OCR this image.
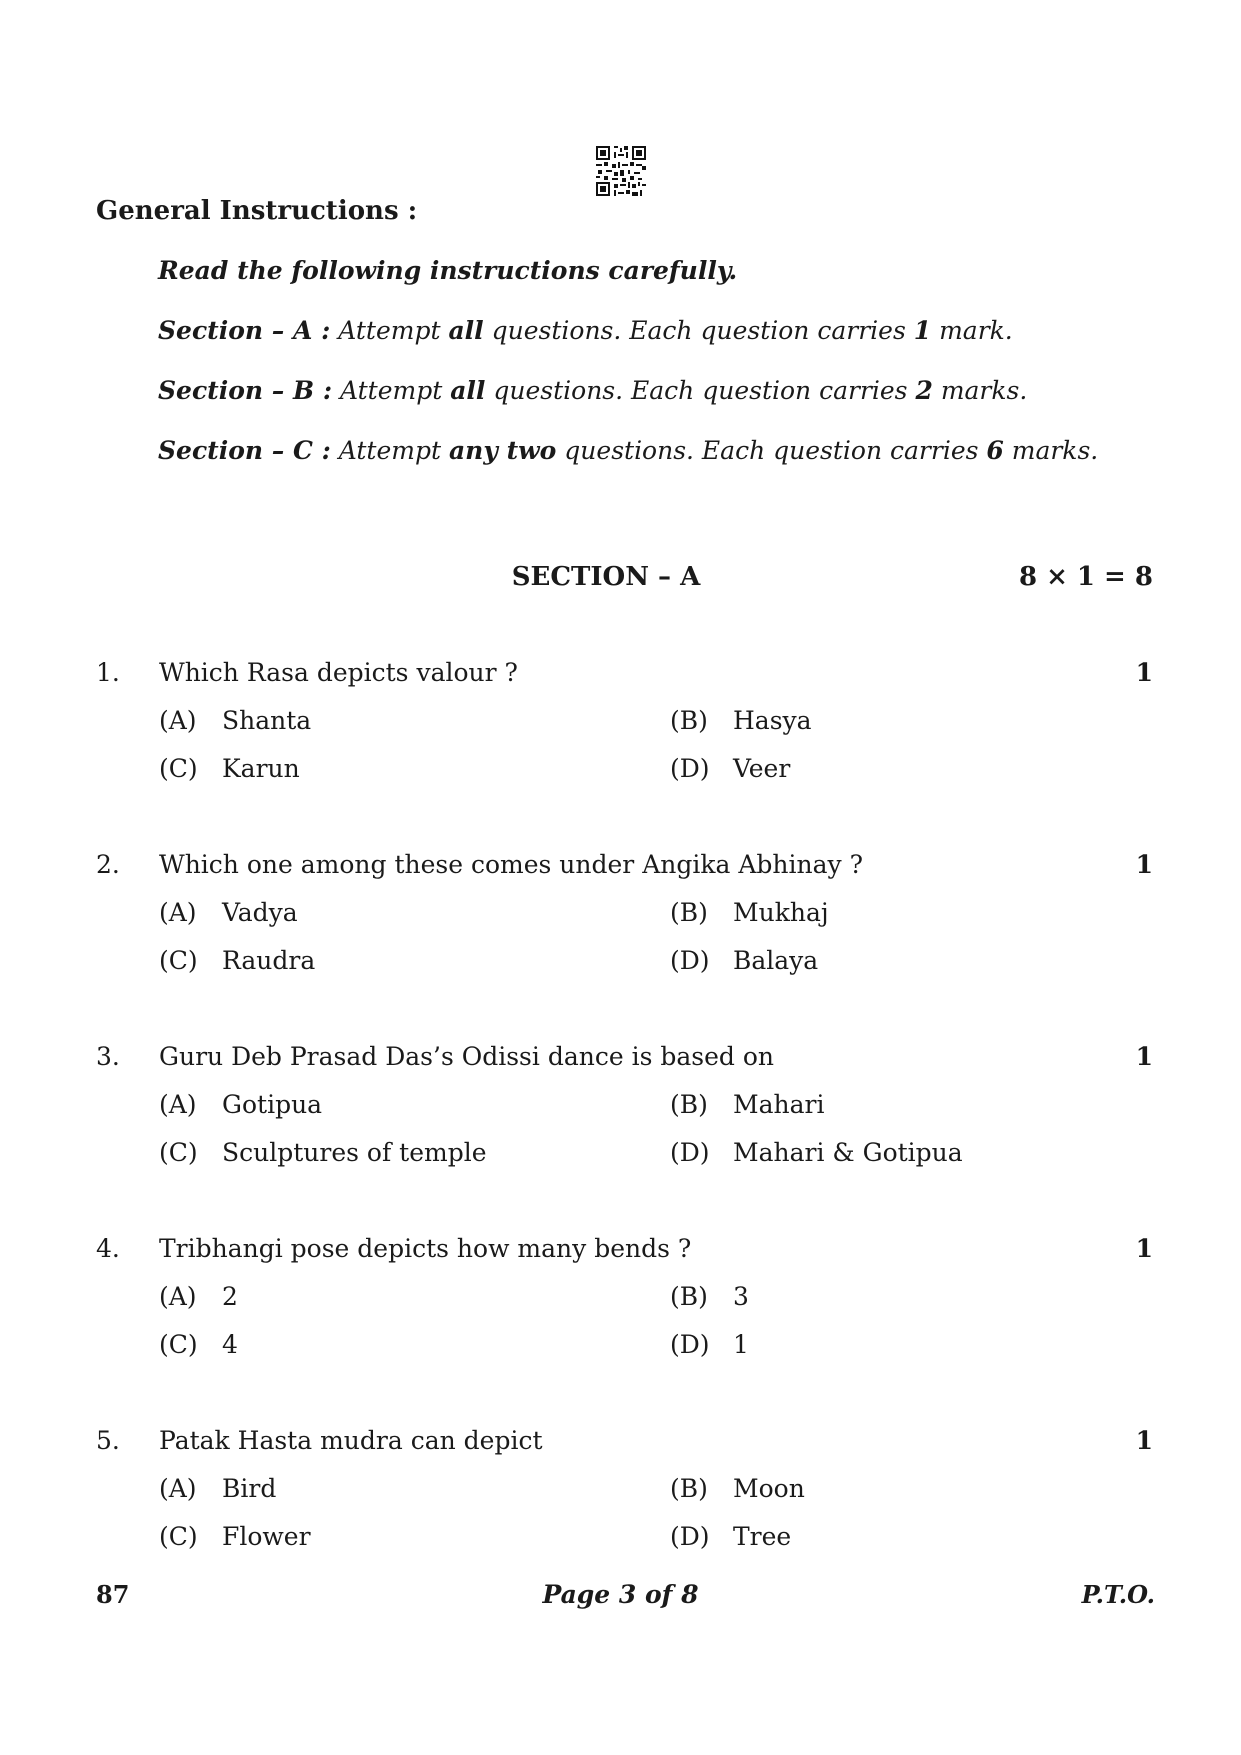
General Instructions :
Read the following instructions carefully.
Section – A : Attempt all questions. Each question carries 1 mark.
Section – B : Attempt all questions. Each question carries 2 marks.
Section – C : Attempt any two questions. Each question carries 6 marks.
SECTION – A	8 × 1 = 8
1. Which Rasa depicts valour ?	1
(A) Shanta	(B) Hasya
(C) Karun	(D) Veer
2. Which one among these comes under Angika Abhinay ?	1
(A) Vadya	(B) Mukhaj
(C) Raudra	(D) Balaya
3. Guru Deb Prasad Das’s Odissi dance is based on	1
(A) Gotipua	(B) Mahari
(C) Sculptures of temple	(D) Mahari & Gotipua
4. Tribhangi pose depicts how many bends ?	1
(A) 2	(B) 3
(C) 4	(D) 1
5. Patak Hasta mudra can depict	1
(A) Bird	(B) Moon
(C) Flower	(D) Tree
87	Page 3 of 8	P.T.O.
